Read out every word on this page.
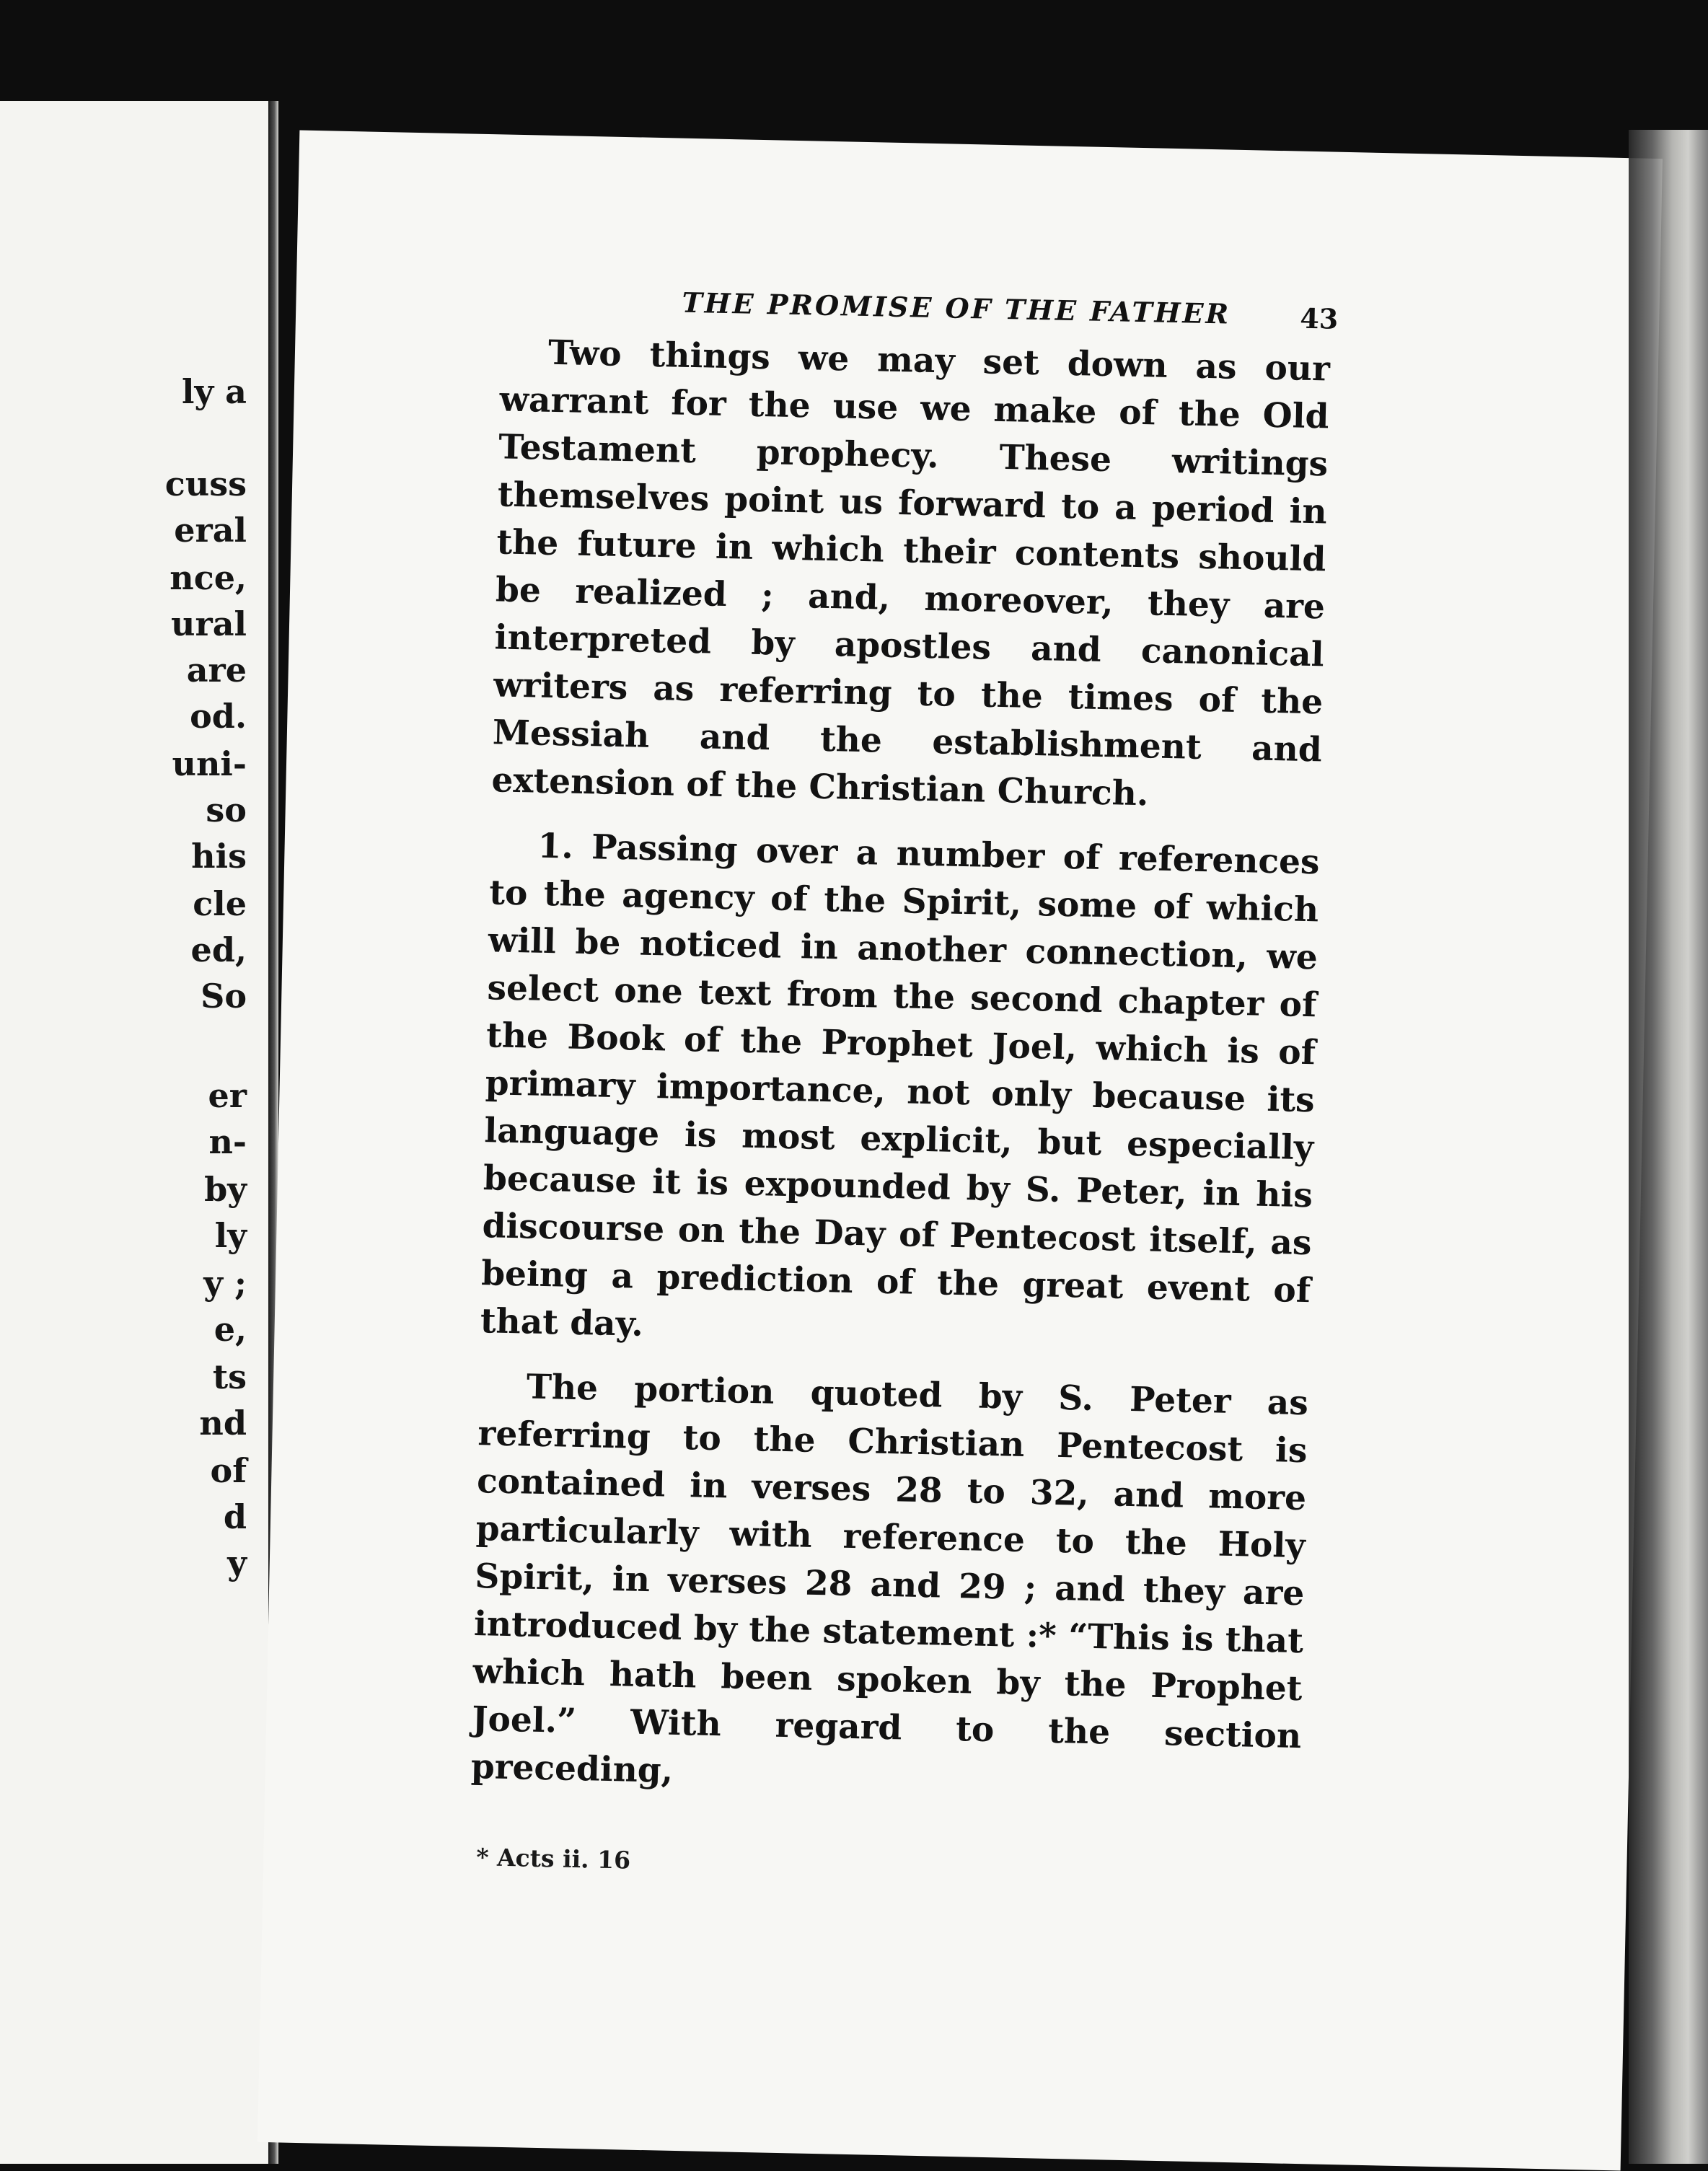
ly a
cuss
eral
nce,
ural
are
od.
uni-
so
his
cle
ed,
So
er
n-
by
ly
y ;
e,
ts
nd
of
d
y
THE PROMISE OF THE FATHER	43

Two things we may set down as our warrant for the use we make of the Old Testament prophecy. These writings themselves point us forward to a period in the future in which their contents should be realized ; and, moreover, they are interpreted by apostles and canonical writers as referring to the times of the Messiah and the establishment and extension of the Christian Church.

1. Passing over a number of references to the agency of the Spirit, some of which will be noticed in another connection, we select one text from the second chapter of the Book of the Prophet Joel, which is of primary importance, not only because its language is most explicit, but especially because it is expounded by S. Peter, in his discourse on the Day of Pentecost itself, as being a prediction of the great event of that day.

The portion quoted by S. Peter as referring to the Christian Pentecost is contained in verses 28 to 32, and more particularly with reference to the Holy Spirit, in verses 28 and 29 ; and they are introduced by the statement :* “This is that which hath been spoken by the Prophet Joel.” With regard to the section preceding,

* Acts ii. 16
